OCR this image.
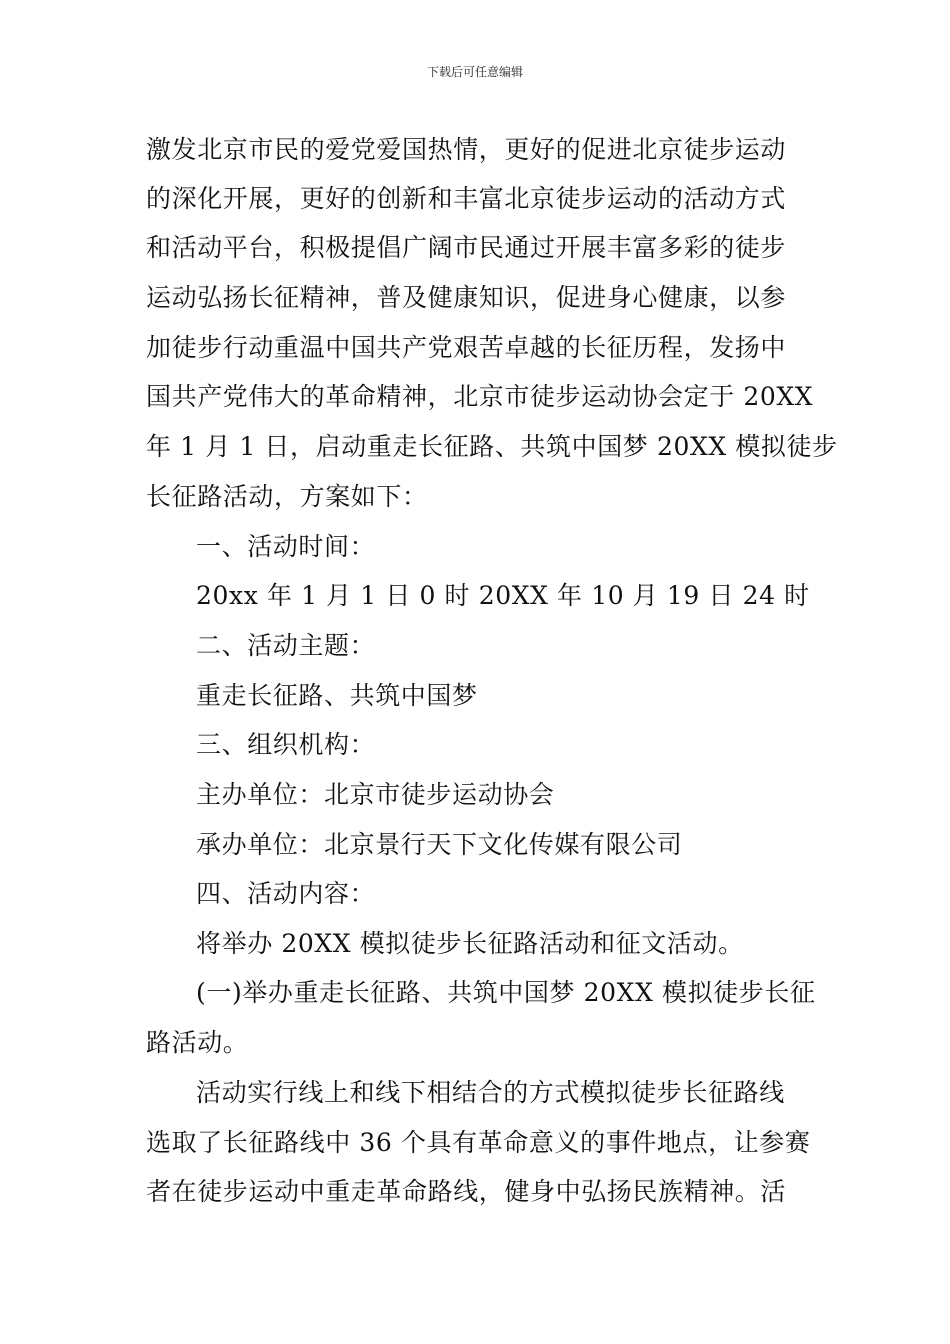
下载后可任意编辑
激发北京市民的爱党爱国热情，更好的促进北京徒步运动
的深化开展，更好的创新和丰富北京徒步运动的活动方式
和活动平台，积极提倡广阔市民通过开展丰富多彩的徒步
运动弘扬长征精神，普及健康知识，促进身心健康，以参
加徒步行动重温中国共产党艰苦卓越的长征历程，发扬中
国共产党伟大的革命精神，北京市徒步运动协会定于 20XX
年 1 月 1 日，启动重走长征路、共筑中国梦 20XX 模拟徒步
长征路活动，方案如下：
一、活动时间：
20xx 年 1 月 1 日 0 时 20XX 年 10 月 19 日 24 时
二、活动主题：
重走长征路、共筑中国梦
三、组织机构：
主办单位：北京市徒步运动协会
承办单位：北京景行天下文化传媒有限公司
四、活动内容：
将举办 20XX 模拟徒步长征路活动和征文活动。
(一)举办重走长征路、共筑中国梦 20XX 模拟徒步长征
路活动。
活动实行线上和线下相结合的方式模拟徒步长征路线
选取了长征路线中 36 个具有革命意义的事件地点，让参赛
者在徒步运动中重走革命路线，健身中弘扬民族精神。活
